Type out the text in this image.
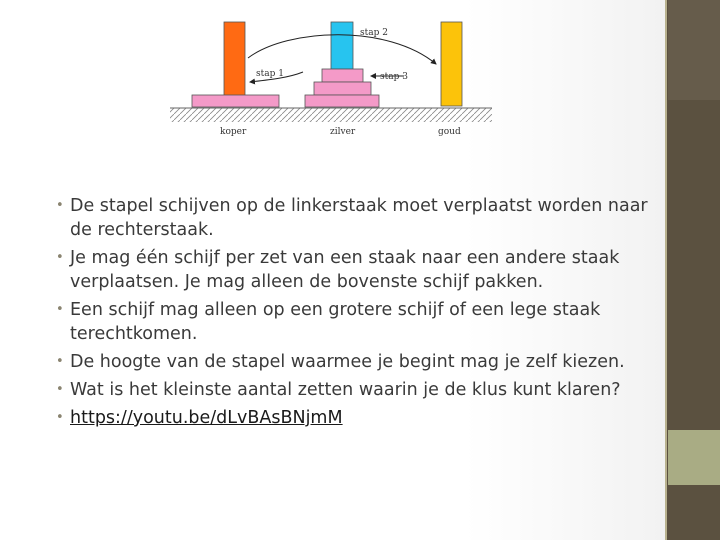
stap 2
stap 1	stap 3
koper	zilver	goud
• De stapel schijven op de linkerstaak moet verplaatst worden naar de rechterstaak.
• Je mag één schijf per zet van een staak naar een andere staak verplaatsen. Je mag alleen de bovenste schijf pakken.
• Een schijf mag alleen op een grotere schijf of een lege staak terechtkomen.
• De hoogte van de stapel waarmee je begint mag je zelf kiezen.
• Wat is het kleinste aantal zetten waarin je de klus kunt klaren?
• https://youtu.be/dLvBAsBNjmM
